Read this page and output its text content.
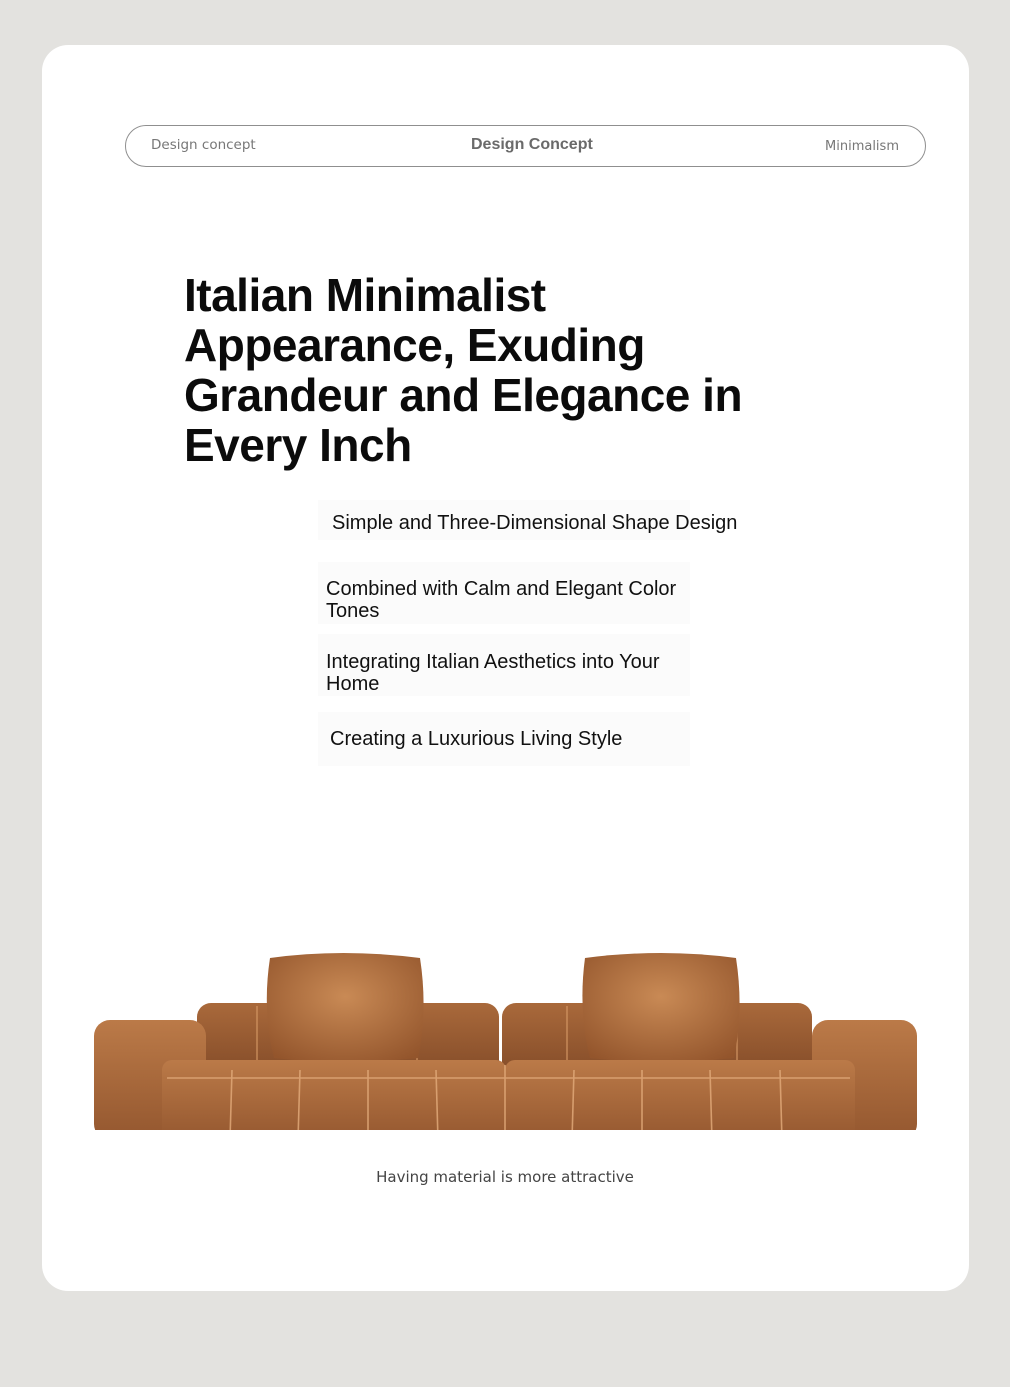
Design concept	Design Concept	Minimalism
Italian Minimalist Appearance, Exuding Grandeur and Elegance in Every Inch
Simple and Three-Dimensional Shape Design
Combined with Calm and Elegant Color Tones
Integrating Italian Aesthetics into Your Home
Creating a Luxurious Living Style

Having material is more attractive
